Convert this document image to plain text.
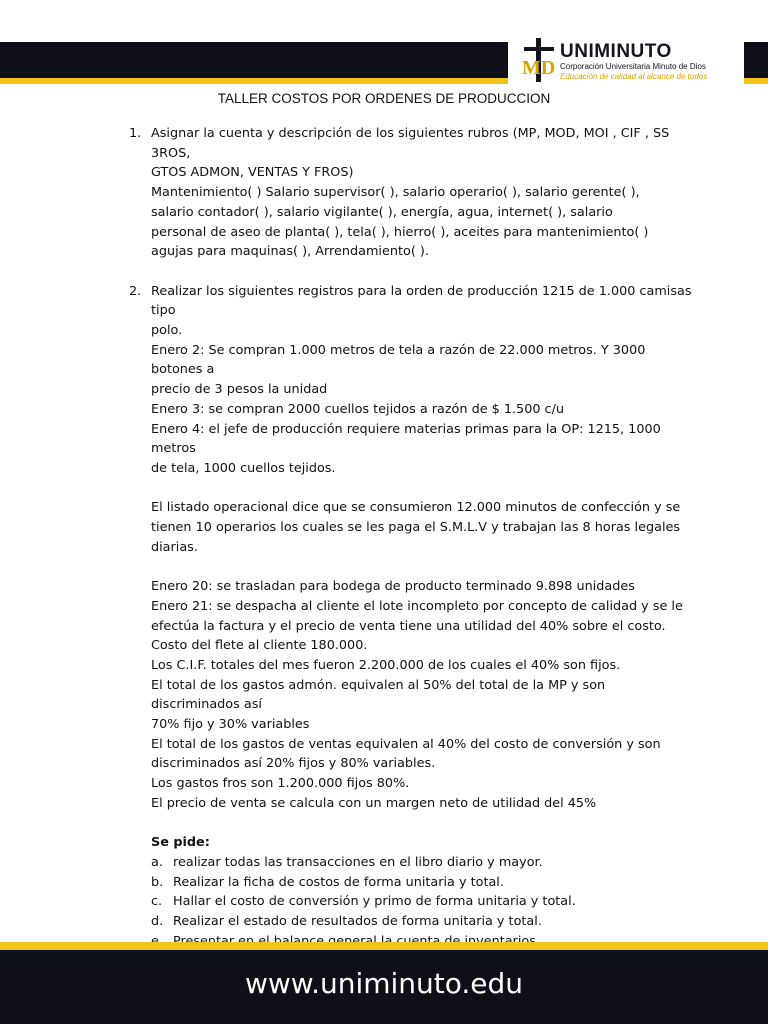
MD
UNIMINUTO
Corporación Universitaria Minuto de Dios
Educación de calidad al alcance de todos
TALLER COSTOS POR ORDENES DE PRODUCCION
1. Asignar la cuenta y descripción de los siguientes rubros (MP, MOD, MOI , CIF , SS 3ROS,

GTOS ADMON, VENTAS Y FROS)

Mantenimiento( ) Salario supervisor( ), salario operario( ), salario gerente( ),

salario contador( ), salario vigilante( ), energía, agua, internet( ), salario

personal de aseo de planta( ), tela( ), hierro( ), aceites para mantenimiento( )

agujas para maquinas( ), Arrendamiento( ).

2. Realizar los siguientes registros para la orden de producción 1215 de 1.000 camisas tipo

polo.

Enero 2: Se compran 1.000 metros de tela a razón de 22.000 metros. Y 3000 botones a

precio de 3 pesos la unidad

Enero 3: se compran 2000 cuellos tejidos a razón de $ 1.500 c/u

Enero 4: el jefe de producción requiere materias primas para la OP: 1215, 1000 metros

de tela, 1000 cuellos tejidos.

El listado operacional dice que se consumieron 12.000 minutos de confección y se

tienen 10 operarios los cuales se les paga el S.M.L.V y trabajan las 8 horas legales

diarias.

Enero 20: se trasladan para bodega de producto terminado 9.898 unidades

Enero 21: se despacha al cliente el lote incompleto por concepto de calidad y se le

efectúa la factura y el precio de venta tiene una utilidad del 40% sobre el costo.

Costo del flete al cliente 180.000.

Los C.I.F. totales del mes fueron 2.200.000 de los cuales el 40% son fijos.

El total de los gastos admón. equivalen al 50% del total de la MP y son discriminados así

70% fijo y 30% variables

El total de los gastos de ventas equivalen al 40% del costo de conversión y son

discriminados así 20% fijos y 80% variables.

Los gastos fros son 1.200.000 fijos 80%.

El precio de venta se calcula con un margen neto de utilidad del 45%

Se pide:

a. realizar todas las transacciones en el libro diario y mayor.

b. Realizar la ficha de costos de forma unitaria y total.

c. Hallar el costo de conversión y primo de forma unitaria y total.

d. Realizar el estado de resultados de forma unitaria y total.

www.uniminuto.edu
